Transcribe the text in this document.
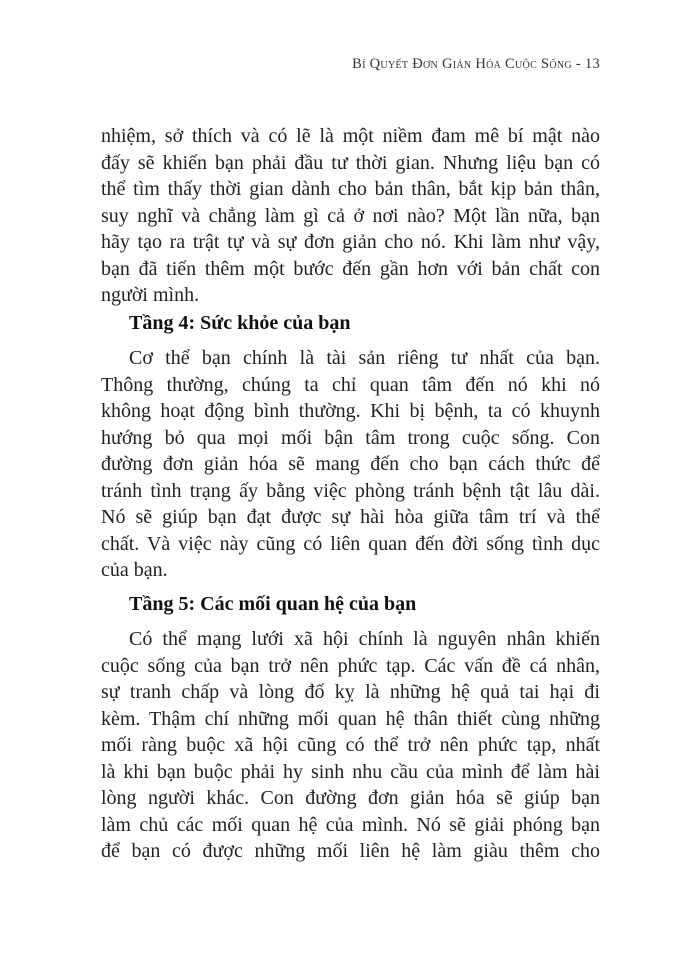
Bí Quyết Đơn Giản Hóa Cuộc Sống - 13
nhiệm, sở thích và có lẽ là một niềm đam mê bí mật nào
đấy sẽ khiến bạn phải đầu tư thời gian. Nhưng liệu bạn có
thể tìm thấy thời gian dành cho bản thân, bắt kịp bản thân,
suy nghĩ và chẳng làm gì cả ở nơi nào? Một lần nữa, bạn
hãy tạo ra trật tự và sự đơn giản cho nó. Khi làm như vậy,
bạn đã tiến thêm một bước đến gần hơn với bản chất con
người mình.
Tầng 4: Sức khỏe của bạn
Cơ thể bạn chính là tài sản riêng tư nhất của bạn.
Thông thường, chúng ta chỉ quan tâm đến nó khi nó
không hoạt động bình thường. Khi bị bệnh, ta có khuynh
hướng bỏ qua mọi mối bận tâm trong cuộc sống. Con
đường đơn giản hóa sẽ mang đến cho bạn cách thức để
tránh tình trạng ấy bằng việc phòng tránh bệnh tật lâu dài.
Nó sẽ giúp bạn đạt được sự hài hòa giữa tâm trí và thể
chất. Và việc này cũng có liên quan đến đời sống tình dục
của bạn.
Tầng 5: Các mối quan hệ của bạn
Có thể mạng lưới xã hội chính là nguyên nhân khiến
cuộc sống của bạn trở nên phức tạp. Các vấn đề cá nhân,
sự tranh chấp và lòng đố kỵ là những hệ quả tai hại đi
kèm. Thậm chí những mối quan hệ thân thiết cùng những
mối ràng buộc xã hội cũng có thể trở nên phức tạp, nhất
là khi bạn buộc phải hy sinh nhu cầu của mình để làm hài
lòng người khác. Con đường đơn giản hóa sẽ giúp bạn
làm chủ các mối quan hệ của mình. Nó sẽ giải phóng bạn
để bạn có được những mối liên hệ làm giàu thêm cho
